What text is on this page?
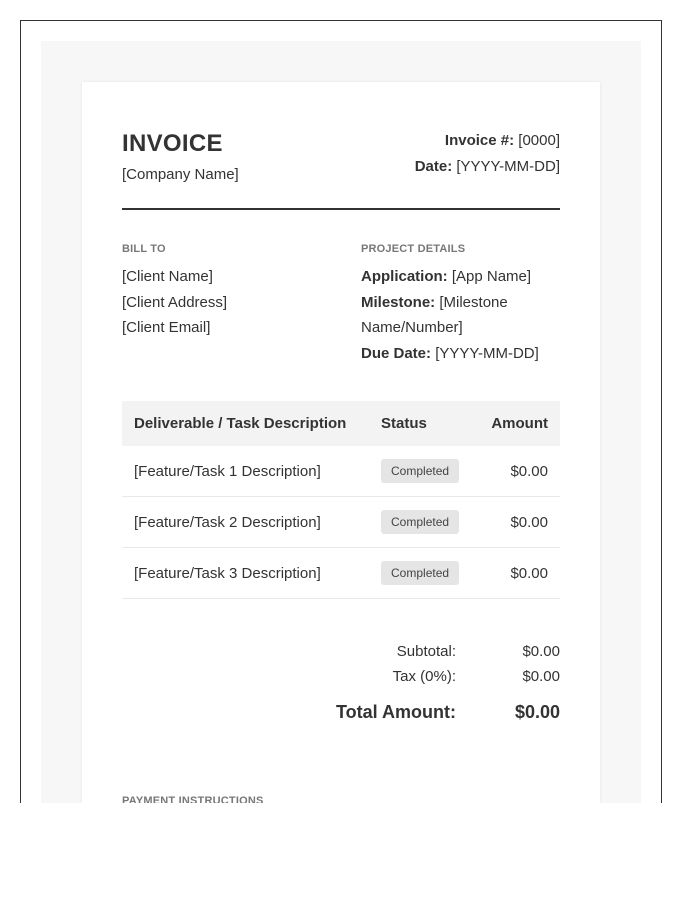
INVOICE
[Company Name]
Invoice #: [0000]
Date: [YYYY-MM-DD]
BILL TO
[Client Name]
[Client Address]
[Client Email]
PROJECT DETAILS
Application: [App Name]
Milestone: [Milestone
Name/Number]
Due Date: [YYYY-MM-DD]
Deliverable / Task Description	Status	Amount
[Feature/Task 1 Description]	Completed	$0.00
[Feature/Task 2 Description]	Completed	$0.00
[Feature/Task 3 Description]	Completed	$0.00
Subtotal:	$0.00
Tax (0%):	$0.00
Total Amount:	$0.00
PAYMENT INSTRUCTIONS
